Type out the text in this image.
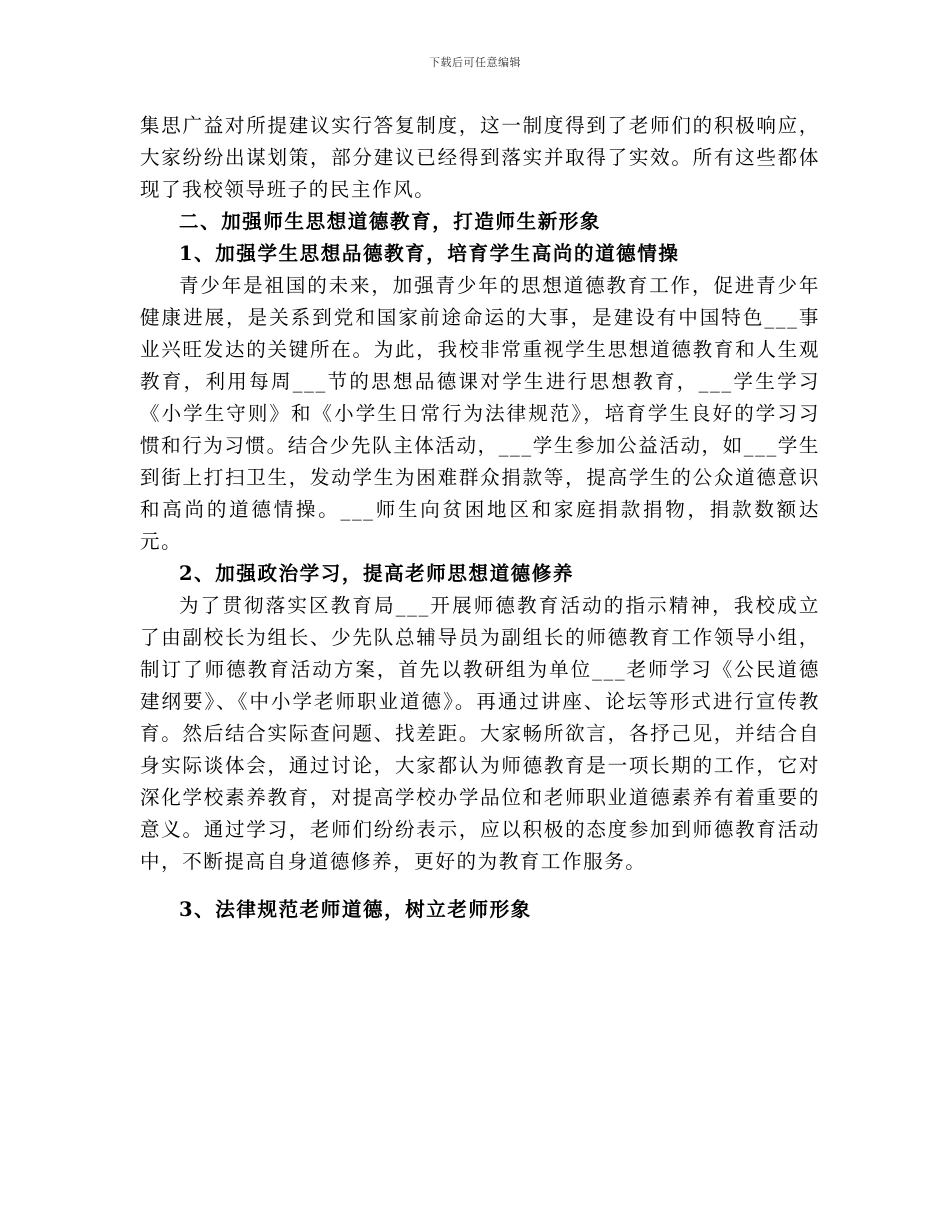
下载后可任意编辑

集思广益对所提建议实行答复制度，这一制度得到了老师们的积极响应，大家纷纷出谋划策，部分建议已经得到落实并取得了实效。所有这些都体现了我校领导班子的民主作风。

二、加强师生思想道德教育，打造师生新形象

1、加强学生思想品德教育，培育学生高尚的道德情操

青少年是祖国的未来，加强青少年的思想道德教育工作，促进青少年健康进展，是关系到党和国家前途命运的大事，是建设有中国特色___事业兴旺发达的关键所在。为此，我校非常重视学生思想道德教育和人生观教育，利用每周___节的思想品德课对学生进行思想教育，___学生学习《小学生守则》和《小学生日常行为法律规范》，培育学生良好的学习习惯和行为习惯。结合少先队主体活动，___学生参加公益活动，如___学生到街上打扫卫生，发动学生为困难群众捐款等，提高学生的公众道德意识和高尚的道德情操。___师生向贫困地区和家庭捐款捐物，捐款数额达元。

2、加强政治学习，提高老师思想道德修养

为了贯彻落实区教育局___开展师德教育活动的指示精神，我校成立了由副校长为组长、少先队总辅导员为副组长的师德教育工作领导小组，制订了师德教育活动方案，首先以教研组为单位___老师学习《公民道德建纲要》、《中小学老师职业道德》。再通过讲座、论坛等形式进行宣传教育。然后结合实际查问题、找差距。大家畅所欲言，各抒己见，并结合自身实际谈体会，通过讨论，大家都认为师德教育是一项长期的工作，它对深化学校素养教育，对提高学校办学品位和老师职业道德素养有着重要的意义。通过学习，老师们纷纷表示，应以积极的态度参加到师德教育活动中，不断提高自身道德修养，更好的为教育工作服务。

3、法律规范老师道德，树立老师形象
